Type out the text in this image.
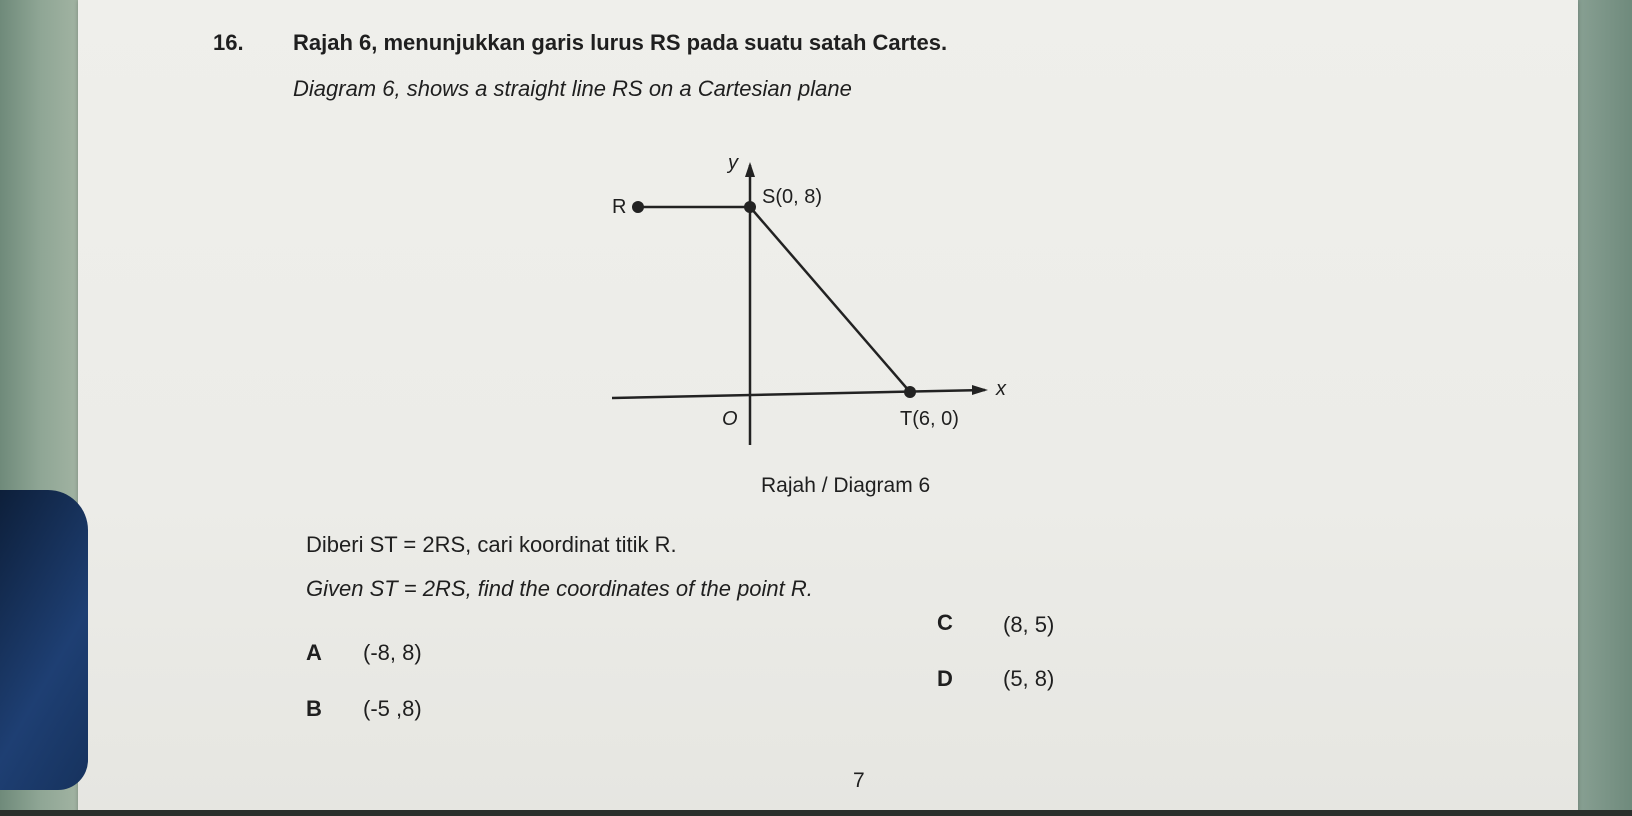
16. Rajah 6, menunjukkan garis lurus RS pada suatu satah Cartes.
Diagram 6, shows a straight line RS on a Cartesian plane
y
x
O
R	S(0, 8)
T(6, 0)
Rajah / Diagram 6
Diberi ST = 2RS, cari koordinat titik R.
Given ST = 2RS, find the coordinates of the point R.
A (-8, 8)
B (-5 ,8)
C (8, 5)
D (5, 8)
7
